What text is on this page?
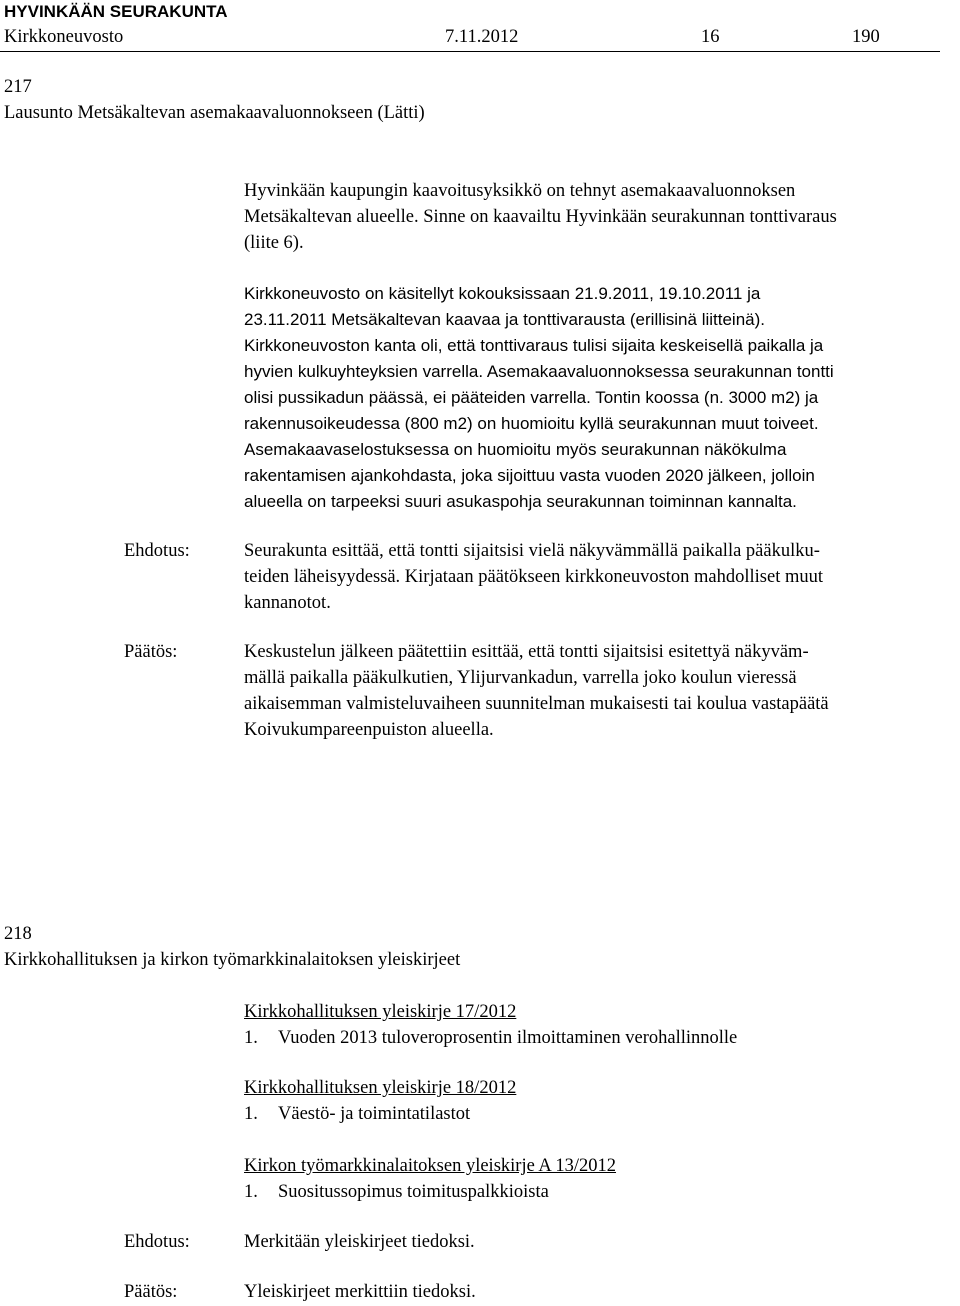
HYVINKÄÄN SEURAKUNTA
Kirkkoneuvosto	7.11.2012	16	190
217
Lausunto Metsäkaltevan asemakaavaluonnokseen (Lätti)
Hyvinkään kaupungin kaavoitusyksikkö on tehnyt asemakaavaluonnoksen
Metsäkaltevan alueelle. Sinne on kaavailtu Hyvinkään seurakunnan tonttivaraus
(liite 6).
Kirkkoneuvosto on käsitellyt kokouksissaan 21.9.2011, 19.10.2011 ja
23.11.2011 Metsäkaltevan kaavaa ja tonttivarausta (erillisinä liitteinä).
Kirkkoneuvoston kanta oli, että tonttivaraus tulisi sijaita keskeisellä paikalla ja
hyvien kulkuyhteyksien varrella. Asemakaavaluonnoksessa seurakunnan tontti
olisi pussikadun päässä, ei pääteiden varrella. Tontin koossa (n. 3000 m2) ja
rakennusoikeudessa (800 m2) on huomioitu kyllä seurakunnan muut toiveet.
Asemakaavaselostuksessa on huomioitu myös seurakunnan näkökulma
rakentamisen ajankohdasta, joka sijoittuu vasta vuoden 2020 jälkeen, jolloin
alueella on tarpeeksi suuri asukaspohja seurakunnan toiminnan kannalta.
Ehdotus:	Seurakunta esittää, että tontti sijaitsisi vielä näkyvämmällä paikalla pääkulku-
teiden läheisyydessä. Kirjataan päätökseen kirkkoneuvoston mahdolliset muut
kannanotot.
Päätös:	Keskustelun jälkeen päätettiin esittää, että tontti sijaitsisi esitettyä näkyväm-
mällä paikalla pääkulkutien, Ylijurvankadun, varrella joko koulun vieressä
aikaisemman valmisteluvaiheen suunnitelman mukaisesti tai koulua vastapäätä
Koivukumpareenpuiston alueella.
218
Kirkkohallituksen ja kirkon työmarkkinalaitoksen yleiskirjeet
Kirkkohallituksen yleiskirje 17/2012
1. Vuoden 2013 tuloveroprosentin ilmoittaminen verohallinnolle
Kirkkohallituksen yleiskirje 18/2012
1. Väestö- ja toimintatilastot
Kirkon työmarkkinalaitoksen yleiskirje A 13/2012
1. Suositussopimus toimituspalkkioista
Ehdotus:	Merkitään yleiskirjeet tiedoksi.
Päätös:	Yleiskirjeet merkittiin tiedoksi.
